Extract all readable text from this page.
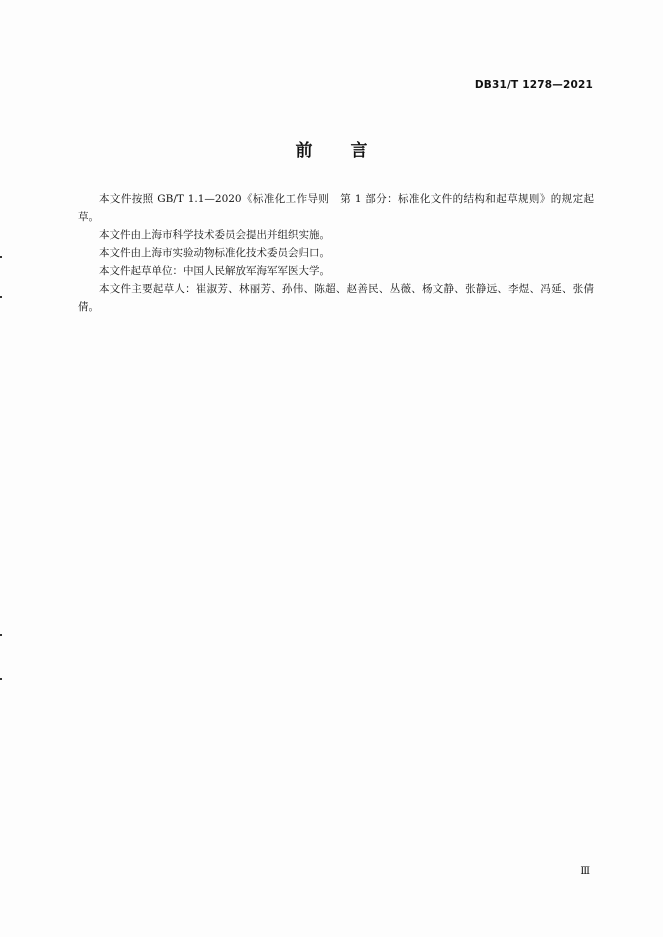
DB31/T 1278—2021
前言

本文件按照 GB/T 1.1—2020《标准化工作导则　第 1 部分：标准化文件的结构和起草规则》的规定起草。

本文件由上海市科学技术委员会提出并组织实施。

本文件由上海市实验动物标准化技术委员会归口。

本文件起草单位：中国人民解放军海军军医大学。

本文件主要起草人：崔淑芳、林丽芳、孙伟、陈超、赵善民、丛薇、杨文静、张静远、李煜、冯延、张倩倩。

Ⅲ
